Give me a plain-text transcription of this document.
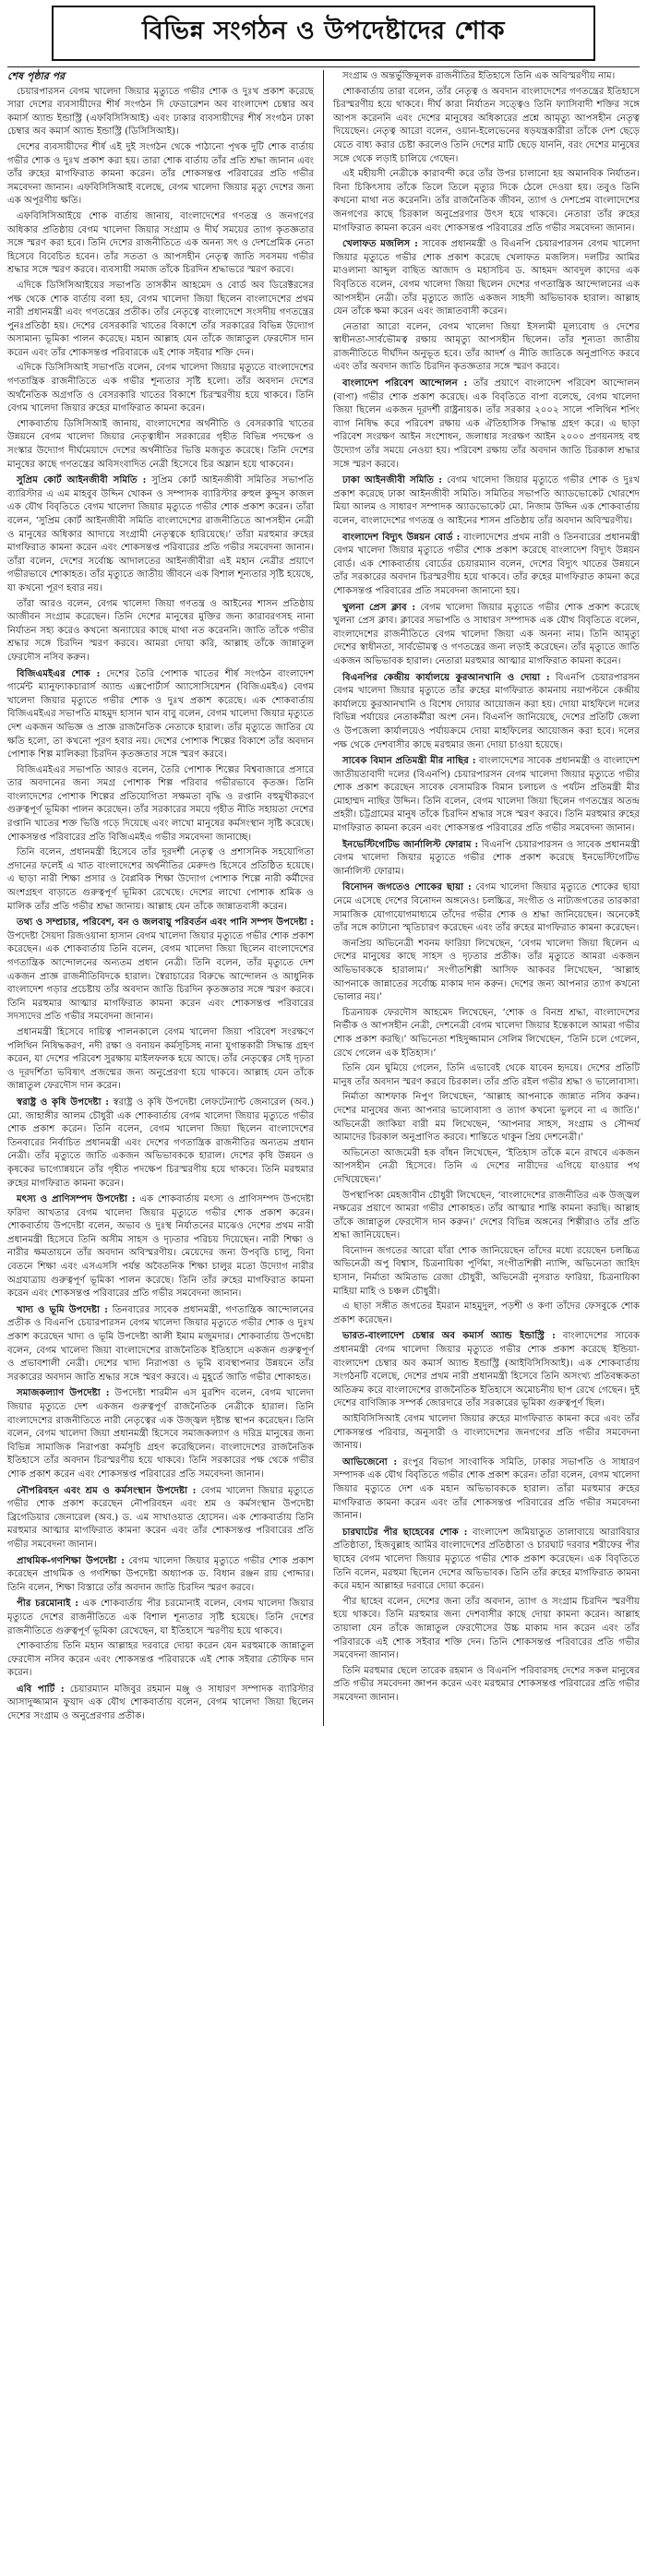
বিভিন্ন সংগঠন ও উপদেষ্টাদের শোক
শেষ পৃষ্ঠার পর

চেয়ারপারসন বেগম খালেদা জিয়ার মৃত্যুতে গভীর শোক ও দুঃখ প্রকাশ করেছে সারা দেশের ব্যবসায়ীদের শীর্ষ সংগঠন দি ফেডারেশন অব বাংলাদেশ চেম্বার অব কমার্স অ্যান্ড ইন্ডাস্ট্রি (এফবিসিসিআই) এবং ঢাকার ব্যবসায়ীদের শীর্ষ সংগঠন ঢাকা চেম্বার অব কমার্স অ্যান্ড ইন্ডাস্ট্রি (ডিসিসিআই)।

দেশের ব্যবসায়ীদের শীর্ষ এই দুই সংগঠন থেকে পাঠানো পৃথক দুটি শোক বার্তায় গভীর শোক ও দুঃখ প্রকাশ করা হয়। তারা শোক বার্তায় তাঁর প্রতি শ্রদ্ধা জানান এবং তাঁর রুহের মাগফিরাত কামনা করেন। তাঁর শোকসন্তপ্ত পরিবারের প্রতি গভীর সমবেদনা জানান। এফবিসিসিআই বলেছে, বেগম খালেদা জিয়ার মৃত্যু দেশের জন্য এক অপূরণীয় ক্ষতি।

এফবিসিসিআইয়ে শোক বার্তায় জানায়, বাংলাদেশের গণতন্ত্র ও জনগণের অধিকার প্রতিষ্ঠায় বেগম খালেদা জিয়ার সংগ্রাম ও দীর্ঘ সময়ের ত্যাগ কৃতজ্ঞতার সঙ্গে স্মরণ করা হবে। তিনি দেশের রাজনীতিতে এক অনন্য সৎ ও দেশপ্রেমিক নেতা হিসেবে বিবেচিত হবেন। তাঁর সততা ও আপসহীন নেতৃত্ব জাতি সবসময় গভীর শ্রদ্ধার সঙ্গে স্মরণ করবে। ব্যবসায়ী সমাজ তাঁকে চিরদিন শ্রদ্ধাভরে স্মরণ করবে।

এদিকে ডিসিসিআইয়ের সভাপতি তাসকীন আহমেদ ও বোর্ড অব ডিরেক্টরসের পক্ষ থেকে শোক বার্তায় বলা হয়, বেগম খালেদা জিয়া ছিলেন বাংলাদেশের প্রথম নারী প্রধানমন্ত্রী এবং গণতন্ত্রের প্রতীক। তাঁর নেতৃত্বে বাংলাদেশে সংসদীয় গণতন্ত্রের পুনঃপ্রতিষ্ঠা হয়। দেশের বেসরকারি খাতের বিকাশে তাঁর সরকারের বিভিন্ন উদ্যোগ অসামান্য ভূমিকা পালন করেছে। মহান আল্লাহ যেন তাঁকে জান্নাতুল ফেরদৌস দান করেন এবং তাঁর শোকসন্তপ্ত পরিবারকে এই শোক সইবার শক্তি দেন।

এদিকে ডিসিসিআই সভাপতি বলেন, বেগম খালেদা জিয়ার মৃত্যুতে বাংলাদেশের গণতান্ত্রিক রাজনীতিতে এক গভীর শূন্যতার সৃষ্টি হলো। তাঁর অবদান দেশের অর্থনৈতিক অগ্রগতি ও বেসরকারি খাতের বিকাশে চিরস্মরণীয় হয়ে থাকবে। তিনি বেগম খালেদা জিয়ার রুহের মাগফিরাত কামনা করেন।

শোকবার্তায় ডিসিসিআই জানায়, বাংলাদেশের অর্থনীতি ও বেসরকারি খাতের উন্নয়নে বেগম খালেদা জিয়ার নেতৃত্বাধীন সরকারের গৃহীত বিভিন্ন পদক্ষেপ ও সংস্কার উদ্যোগ দীর্ঘমেয়াদে দেশের অর্থনীতির ভিত্তি মজবুত করেছে। তিনি দেশের মানুষের কাছে গণতন্ত্রের অবিসংবাদিত নেত্রী হিসেবে চির অম্লান হয়ে থাকবেন।

সুপ্রিম কোর্ট আইনজীবী সমিতি : সুপ্রিম কোর্ট আইনজীবী সমিতির সভাপতি ব্যারিস্টার এ এম মাহবুব উদ্দিন খোকন ও সম্পাদক ব্যারিস্টার রুহুল কুদ্দুস কাজল এক যৌথ বিবৃতিতে বেগম খালেদা জিয়ার মৃত্যুতে গভীর শোক প্রকাশ করেন। তাঁরা বলেন, ‘সুপ্রিম কোর্ট আইনজীবী সমিতি বাংলাদেশের রাজনীতিতে আপসহীন নেত্রী ও মানুষের অধিকার আদায়ে সংগ্রামী নেতৃত্বকে হারিয়েছে।’ তাঁরা মরহুমার রুহের মাগফিরাত কামনা করেন এবং শোকসন্তপ্ত পরিবারের প্রতি গভীর সমবেদনা জানান। তাঁরা বলেন, দেশের সর্বোচ্চ আদালতের আইনজীবীরা এই মহান নেত্রীর প্রয়াণে গভীরভাবে শোকাহত। তাঁর মৃত্যুতে জাতীয় জীবনে এক বিশাল শূন্যতার সৃষ্টি হয়েছে, যা কখনো পূরণ হবার নয়।

তাঁরা আরও বলেন, বেগম খালেদা জিয়া গণতন্ত্র ও আইনের শাসন প্রতিষ্ঠায় আজীবন সংগ্রাম করেছেন। তিনি দেশের মানুষের মুক্তির জন্য কারাবরণসহ নানা নির্যাতন সহ্য করেও কখনো অন্যায়ের কাছে মাথা নত করেননি। জাতি তাঁকে গভীর শ্রদ্ধার সঙ্গে চিরদিন স্মরণ করবে। আমরা দোয়া করি, আল্লাহ তাঁকে জান্নাতুল ফেরদৌস নসিব করুন।

বিজিএমইএর শোক : দেশের তৈরি পোশাক খাতের শীর্ষ সংগঠন বাংলাদেশ গার্মেন্ট ম্যানুফ্যাকচারার্স অ্যান্ড এক্সপোর্টার্স অ্যাসোসিয়েশন (বিজিএমইএ) বেগম খালেদা জিয়ার মৃত্যুতে গভীর শোক ও দুঃখ প্রকাশ করেছে। এক শোকবার্তায় বিজিএমইএর সভাপতি মাহমুদ হাসান খান বাবু বলেন, বেগম খালেদা জিয়ার মৃত্যুতে দেশ একজন অভিজ্ঞ ও প্রাজ্ঞ রাজনৈতিক নেতাকে হারাল। তাঁর মৃত্যুতে জাতির যে ক্ষতি হলো, তা কখনো পূরণ হবার নয়। দেশের পোশাক শিল্পের বিকাশে তাঁর অবদান পোশাক শিল্প মালিকরা চিরদিন কৃতজ্ঞতার সঙ্গে স্মরণ করবে।

বিজিএমইএর সভাপতি আরও বলেন, তৈরি পোশাক শিল্পের বিশ্ববাজারে প্রসারে তার অবদানের জন্য সমগ্র পোশাক শিল্প পরিবার গভীরভাবে কৃতজ্ঞ। তিনি বাংলাদেশের পোশাক শিল্পের প্রতিযোগিতা সক্ষমতা বৃদ্ধি ও রপ্তানি বহুমুখীকরণে গুরুত্বপূর্ণ ভূমিকা পালন করেছেন। তাঁর সরকারের সময়ে গৃহীত নীতি সহায়তা দেশের রপ্তানি খাতের শক্ত ভিত্তি গড়ে দিয়েছে এবং লাখো মানুষের কর্মসংস্থান সৃষ্টি করেছে। শোকসন্তপ্ত পরিবারের প্রতি বিজিএমইএ গভীর সমবেদনা জানাচ্ছে।

তিনি বলেন, প্রধানমন্ত্রী হিসেবে তাঁর দূরদর্শী নেতৃত্ব ও প্রশাসনিক সহযোগিতা প্রদানের ফলেই এ খাত বাংলাদেশের অর্থনীতির মেরুদণ্ড হিসেবে প্রতিষ্ঠিত হয়েছে। এ ছাড়া নারী শিক্ষা প্রসার ও বৈপ্লবিক শিক্ষা উদ্যোগ পোশাক শিল্পে নারী কর্মীদের অংশগ্রহণ বাড়াতে গুরুত্বপূর্ণ ভূমিকা রেখেছে। দেশের লাখো পোশাক শ্রমিক ও মালিক তাঁর প্রতি গভীর শ্রদ্ধা জানায়। আল্লাহ যেন তাঁকে জান্নাতবাসী করেন।

তথ্য ও সম্প্রচার, পরিবেশ, বন ও জলবায়ু পরিবর্তন এবং পানি সম্পদ উপদেষ্টা : উপদেষ্টা সৈয়দা রিজওয়ানা হাসান বেগম খালেদা জিয়ার মৃত্যুতে গভীর শোক প্রকাশ করেছেন। এক শোকবার্তায় তিনি বলেন, বেগম খালেদা জিয়া ছিলেন বাংলাদেশের গণতান্ত্রিক আন্দোলনের অন্যতম প্রধান নেত্রী। তিনি বলেন, তাঁর মৃত্যুতে দেশ একজন প্রাজ্ঞ রাজনীতিবিদকে হারাল। স্বৈরাচারের বিরুদ্ধে আন্দোলন ও আধুনিক বাংলাদেশ গড়ার প্রচেষ্টায় তাঁর অবদান জাতি চিরদিন কৃতজ্ঞতার সঙ্গে স্মরণ করবে। তিনি মরহুমার আত্মার মাগফিরাত কামনা করেন এবং শোকসন্তপ্ত পরিবারের সদস্যদের প্রতি গভীর সমবেদনা জানান।

প্রধানমন্ত্রী হিসেবে দায়িত্ব পালনকালে বেগম খালেদা জিয়া পরিবেশ সংরক্ষণে পলিথিন নিষিদ্ধকরণ, নদী রক্ষা ও বনায়ন কর্মসূচিসহ নানা যুগান্তকারী সিদ্ধান্ত গ্রহণ করেন, যা দেশের পরিবেশ সুরক্ষায় মাইলফলক হয়ে আছে। তাঁর নেতৃত্বের সেই দৃঢ়তা ও দূরদর্শিতা ভবিষ্যৎ প্রজন্মের জন্য অনুপ্রেরণা হয়ে থাকবে। আল্লাহ যেন তাঁকে জান্নাতুল ফেরদৌস দান করেন।

স্বরাষ্ট্র ও কৃষি উপদেষ্টা : স্বরাষ্ট্র ও কৃষি উপদেষ্টা লেফটেন্যান্ট জেনারেল (অব.) মো. জাহাঙ্গীর আলম চৌধুরী এক শোকবার্তায় বেগম খালেদা জিয়ার মৃত্যুতে গভীর শোক প্রকাশ করেন। তিনি বলেন, বেগম খালেদা জিয়া ছিলেন বাংলাদেশের তিনবারের নির্বাচিত প্রধানমন্ত্রী এবং দেশের গণতান্ত্রিক রাজনীতির অন্যতম প্রধান নেত্রী। তাঁর মৃত্যুতে জাতি একজন অভিভাবককে হারাল। দেশের কৃষি উন্নয়ন ও কৃষকের ভাগ্যোন্নয়নে তাঁর গৃহীত পদক্ষেপ চিরস্মরণীয় হয়ে থাকবে। তিনি মরহুমার রুহের মাগফিরাত কামনা করেন।

মৎস্য ও প্রাণিসম্পদ উপদেষ্টা : এক শোকবার্তায় মৎস্য ও প্রাণিসম্পদ উপদেষ্টা ফরিদা আখতার বেগম খালেদা জিয়ার মৃত্যুতে গভীর শোক প্রকাশ করেন। শোকবার্তায় উপদেষ্টা বলেন, অভাব ও দুঃস্থ নির্যাতনের মাঝেও দেশের প্রথম নারী প্রধানমন্ত্রী হিসেবে তিনি অসীম সাহস ও দৃঢ়তার পরিচয় দিয়েছেন। নারী শিক্ষা ও নারীর ক্ষমতায়নে তাঁর অবদান অবিস্মরণীয়। মেয়েদের জন্য উপবৃত্তি চালু, বিনা বেতনে শিক্ষা এবং এসএসসি পর্যন্ত অবৈতনিক শিক্ষা চালুর মতো উদ্যোগ নারীর অগ্রযাত্রায় গুরুত্বপূর্ণ ভূমিকা পালন করেছে। তিনি তাঁর রুহের মাগফিরাত কামনা করেন এবং শোকসন্তপ্ত পরিবারের প্রতি গভীর সমবেদনা জানান।

খাদ্য ও ভূমি উপদেষ্টা : তিনবারের সাবেক প্রধানমন্ত্রী, গণতান্ত্রিক আন্দোলনের প্রতীক ও বিএনপি চেয়ারপারসন বেগম খালেদা জিয়ার মৃত্যুতে গভীর শোক ও দুঃখ প্রকাশ করেছেন খাদ্য ও ভূমি উপদেষ্টা আলী ইমাম মজুমদার। শোকবার্তায় উপদেষ্টা বলেন, বেগম খালেদা জিয়া বাংলাদেশের রাজনৈতিক ইতিহাসে একজন গুরুত্বপূর্ণ ও প্রভাবশালী নেত্রী। দেশের খাদ্য নিরাপত্তা ও ভূমি ব্যবস্থাপনার উন্নয়নে তাঁর সরকারের অবদান জাতি শ্রদ্ধার সঙ্গে স্মরণ করবে। এ মুহূর্তে জাতি গভীর শোকাহত।

সমাজকল্যাণ উপদেষ্টা : উপদেষ্টা শারমীন এস মুরশিদ বলেন, বেগম খালেদা জিয়ার মৃত্যুতে দেশ একজন গুরুত্বপূর্ণ রাজনৈতিক নেত্রীকে হারাল। তিনি বাংলাদেশের রাজনীতিতে নারী নেতৃত্বের এক উজ্জ্বল দৃষ্টান্ত স্থাপন করেছেন। তিনি বলেন, বেগম খালেদা জিয়া প্রধানমন্ত্রী হিসেবে সমাজকল্যাণ ও দরিদ্র মানুষের জন্য বিভিন্ন সামাজিক নিরাপত্তা কর্মসূচি গ্রহণ করেছিলেন। বাংলাদেশের রাজনৈতিক ইতিহাসে তাঁর অবদান চিরস্মরণীয় হয়ে থাকবে। তিনি সরকারের পক্ষ থেকে গভীর শোক প্রকাশ করেন এবং শোকসন্তপ্ত পরিবারের প্রতি সমবেদনা জানান।

নৌপরিবহন এবং শ্রম ও কর্মসংস্থান উপদেষ্টা : বেগম খালেদা জিয়ার মৃত্যুতে গভীর শোক প্রকাশ করেছেন নৌপরিবহন এবং শ্রম ও কর্মসংস্থান উপদেষ্টা ব্রিগেডিয়ার জেনারেল (অব.) ড. এম সাখাওয়াত হোসেন। এক শোকবার্তায় তিনি মরহুমার আত্মার মাগফিরাত কামনা করেন এবং তাঁর শোকসন্তপ্ত পরিবারের প্রতি গভীর সমবেদনা জানান।

প্রাথমিক-গণশিক্ষা উপদেষ্টা : বেগম খালেদা জিয়ার মৃত্যুতে গভীর শোক প্রকাশ করেছেন প্রাথমিক ও গণশিক্ষা উপদেষ্টা অধ্যাপক ড. বিধান রঞ্জন রায় পোদ্দার। তিনি বলেন, শিক্ষা বিস্তারে তাঁর অবদান জাতি চিরদিন স্মরণ করবে।

পীর চরমোনাই : এক শোকবার্তায় পীর চরমোনাই বলেন, বেগম খালেদা জিয়ার মৃত্যুতে দেশের রাজনীতিতে এক বিশাল শূন্যতার সৃষ্টি হয়েছে। তিনি দেশের রাজনীতিতে গুরুত্বপূর্ণ ভূমিকা রেখেছেন, যা ইতিহাসে স্মরণীয় হয়ে থাকবে।

শোকবার্তায় তিনি মহান আল্লাহর দরবারে দোয়া করেন যেন মরহুমাকে জান্নাতুল ফেরদৌস নসিব করেন এবং শোকসন্তপ্ত পরিবারকে এই শোক সইবার তৌফিক দান করেন।

এবি পার্টি : চেয়ারম্যান মজিবুর রহমান মঞ্জু ও সাধারণ সম্পাদক ব্যারিস্টার আসাদুজ্জামান ফুয়াদ এক যৌথ শোকবার্তায় বলেন, বেগম খালেদা জিয়া ছিলেন দেশের সংগ্রাম ও অনুপ্রেরণার প্রতীক।

সংগ্রাম ও অন্তর্ভুক্তিমূলক রাজনীতির ইতিহাসে তিনি এক অবিস্মরণীয় নাম।

শোকবার্তায় তারা বলেন, তাঁর নেতৃত্ব ও অবদান বাংলাদেশের গণতন্ত্রের ইতিহাসে চিরস্মরণীয় হয়ে থাকবে। দীর্ঘ কারা নির্যাতন সত্ত্বেও তিনি ফ্যাসিবাদী শক্তির সঙ্গে আপস করেননি এবং দেশের মানুষের অধিকারের প্রশ্নে আমৃত্যু আপসহীন নেতৃত্ব দিয়েছেন। নেতৃত্ব আরো বলেন, ওয়ান-ইলেভেনের ষড়যন্ত্রকারীরা তাঁকে দেশ ছেড়ে যেতে বাধ্য করার চেষ্টা করলেও তিনি দেশের মাটি ছেড়ে যাননি, বরং দেশের মানুষের সঙ্গে থেকে লড়াই চালিয়ে গেছেন।

এই মহীয়সী নেত্রীকে কারাবন্দী করে তাঁর উপর চালানো হয় অমানবিক নির্যাতন। বিনা চিকিৎসায় তাঁকে তিলে তিলে মৃত্যুর দিকে ঠেলে দেওয়া হয়। তবুও তিনি কখনো মাথা নত করেননি। তাঁর রাজনৈতিক জীবন, ত্যাগ ও দেশপ্রেম বাংলাদেশের জনগণের কাছে চিরকাল অনুপ্রেরণার উৎস হয়ে থাকবে। নেতারা তাঁর রুহের মাগফিরাত কামনা করেন এবং শোকসন্তপ্ত পরিবারের প্রতি গভীর সমবেদনা জানান।

খেলাফত মজলিস : সাবেক প্রধানমন্ত্রী ও বিএনপি চেয়ারপারসন বেগম খালেদা জিয়ার মৃত্যুতে গভীর শোক প্রকাশ করেছে খেলাফত মজলিস। দলটির আমির মাওলানা আব্দুল বাছিত আজাদ ও মহাসচিব ড. আহমদ আবদুল কাদের এক বিবৃতিতে বলেন, বেগম খালেদা জিয়া ছিলেন দেশের গণতান্ত্রিক আন্দোলনের এক আপসহীন নেত্রী। তাঁর মৃত্যুতে জাতি একজন সাহসী অভিভাবক হারাল। আল্লাহ যেন তাঁকে ক্ষমা করেন এবং জান্নাতবাসী করেন।

নেতারা আরো বলেন, বেগম খালেদা জিয়া ইসলামী মূল্যবোধ ও দেশের স্বাধীনতা-সার্বভৌমত্ব রক্ষায় আমৃত্যু আপসহীন ছিলেন। তাঁর শূন্যতা জাতীয় রাজনীতিতে দীর্ঘদিন অনুভূত হবে। তাঁর আদর্শ ও নীতি জাতিকে অনুপ্রাণিত করবে এবং তাঁর অবদান জাতি চিরদিন কৃতজ্ঞতার সঙ্গে স্মরণ করবে।

বাংলাদেশ পরিবেশ আন্দোলন : তাঁর প্রয়াণে বাংলাদেশ পরিবেশ আন্দোলন (বাপা) গভীর শোক প্রকাশ করেছে। এক বিবৃতিতে বাপা বলেছে, বেগম খালেদা জিয়া ছিলেন একজন দূরদর্শী রাষ্ট্রনায়ক। তাঁর সরকার ২০০২ সালে পলিথিন শপিং ব্যাগ নিষিদ্ধ করে পরিবেশ রক্ষায় এক ঐতিহাসিক সিদ্ধান্ত গ্রহণ করে। এ ছাড়া পরিবেশ সংরক্ষণ আইন সংশোধন, জলাধার সংরক্ষণ আইন ২০০০ প্রণয়নসহ বহু উদ্যোগ তাঁর সময়ে নেওয়া হয়। পরিবেশ রক্ষায় তাঁর অবদান জাতি চিরকাল শ্রদ্ধার সঙ্গে স্মরণ করবে।

ঢাকা আইনজীবী সমিতি : বেগম খালেদা জিয়ার মৃত্যুতে গভীর শোক ও দুঃখ প্রকাশ করেছে ঢাকা আইনজীবী সমিতি। সমিতির সভাপতি অ্যাডভোকেট খোরশেদ মিয়া আলম ও সাধারণ সম্পাদক অ্যাডভোকেট মো. নিজাম উদ্দিন এক শোকবার্তায় বলেন, বাংলাদেশের গণতন্ত্র ও আইনের শাসন প্রতিষ্ঠায় তাঁর অবদান অবিস্মরণীয়।

বাংলাদেশ বিদ্যুৎ উন্নয়ন বোর্ড : বাংলাদেশের প্রথম নারী ও তিনবারের প্রধানমন্ত্রী বেগম খালেদা জিয়ার মৃত্যুতে গভীর শোক প্রকাশ করেছে বাংলাদেশ বিদ্যুৎ উন্নয়ন বোর্ড। এক শোকবার্তায় বোর্ডের চেয়ারম্যান বলেন, দেশের বিদ্যুৎ খাতের উন্নয়নে তাঁর সরকারের অবদান চিরস্মরণীয় হয়ে থাকবে। তাঁর রুহের মাগফিরাত কামনা করে শোকসন্তপ্ত পরিবারের প্রতি সমবেদনা জানানো হয়।

খুলনা প্রেস ক্লাব : বেগম খালেদা জিয়ার মৃত্যুতে গভীর শোক প্রকাশ করেছে খুলনা প্রেস ক্লাব। ক্লাবের সভাপতি ও সাধারণ সম্পাদক এক যৌথ বিবৃতিতে বলেন, বাংলাদেশের রাজনীতিতে বেগম খালেদা জিয়া এক অনন্য নাম। তিনি আমৃত্যু দেশের স্বাধীনতা, সার্বভৌমত্ব ও গণতন্ত্রের জন্য লড়াই করেছেন। তাঁর মৃত্যুতে জাতি একজন অভিভাবক হারাল। নেতারা মরহুমার আত্মার মাগফিরাত কামনা করেন।

বিএনপির কেন্দ্রীয় কার্যালয়ে কুরআনখানি ও দোয়া : বিএনপি চেয়ারপারসন বেগম খালেদা জিয়ার মৃত্যুতে তাঁর রুহের মাগফিরাত কামনায় নয়াপল্টনে কেন্দ্রীয় কার্যালয়ে কুরআনখানি ও বিশেষ দোয়ার আয়োজন করা হয়। দোয়া মাহফিলে দলের বিভিন্ন পর্যায়ের নেতাকর্মীরা অংশ নেন। বিএনপি জানিয়েছে, দেশের প্রতিটি জেলা ও উপজেলা কার্যালয়েও পর্যায়ক্রমে দোয়া মাহফিলের আয়োজন করা হবে। দলের পক্ষ থেকে দেশবাসীর কাছে মরহুমার জন্য দোয়া চাওয়া হয়েছে।

সাবেক বিমান প্রতিমন্ত্রী মীর নাছির : বাংলাদেশের সাবেক প্রধানমন্ত্রী ও বাংলাদেশ জাতীয়তাবাদী দলের (বিএনপি) চেয়ারপারসন বেগম খালেদা জিয়ার মৃত্যুতে গভীর শোক প্রকাশ করেছেন সাবেক বেসামরিক বিমান চলাচল ও পর্যটন প্রতিমন্ত্রী মীর মোহাম্মদ নাছির উদ্দিন। তিনি বলেন, বেগম খালেদা জিয়া ছিলেন গণতন্ত্রের অতন্দ্র প্রহরী। চট্টগ্রামের মানুষ তাঁকে চিরদিন শ্রদ্ধার সঙ্গে স্মরণ করবে। তিনি মরহুমার রুহের মাগফিরাত কামনা করেন এবং শোকসন্তপ্ত পরিবারের প্রতি গভীর সমবেদনা জানান।

ইনভেস্টিগেটিভ জার্নালিস্ট ফোরাম : বিএনপি চেয়ারপারসন ও সাবেক প্রধানমন্ত্রী বেগম খালেদা জিয়ার মৃত্যুতে গভীর শোক প্রকাশ করেছে ইনভেস্টিগেটিভ জার্নালিস্ট ফোরাম।

বিনোদন জগতেও শোকের ছায়া : বেগম খালেদা জিয়ার মৃত্যুতে শোকের ছায়া নেমে এসেছে দেশের বিনোদন অঙ্গনেও। চলচ্চিত্র, সংগীত ও নাট্যজগতের তারকারা সামাজিক যোগাযোগমাধ্যমে তাঁদের গভীর শোক ও শ্রদ্ধা জানিয়েছেন। অনেকেই তাঁর সঙ্গে কাটানো স্মৃতিচারণ করেছেন এবং তাঁর রুহের মাগফিরাত কামনা করেছেন।

জনপ্রিয় অভিনেত্রী শবনম ফারিয়া লিখেছেন, ‘বেগম খালেদা জিয়া ছিলেন এ দেশের মানুষের কাছে সাহস ও দৃঢ়তার প্রতীক। তাঁর মৃত্যুতে আমরা একজন অভিভাবককে হারালাম।’ সংগীতশিল্পী আসিফ আকবর লিখেছেন, ‘আল্লাহ আপনাকে জান্নাতের সর্বোচ্চ মাকাম দান করুন। দেশের জন্য আপনার ত্যাগ কখনো ভোলার নয়।’

চিত্রনায়ক ফেরদৌস আহমেদ লিখেছেন, ‘শোক ও বিনম্র শ্রদ্ধা, বাংলাদেশের নির্ভীক ও আপসহীন নেত্রী, দেশনেত্রী বেগম খালেদা জিয়ার ইন্তেকালে আমরা গভীর শোক প্রকাশ করছি।’ অভিনেতা শহিদুজ্জামান সেলিম লিখেছেন, ‘তিনি চলে গেলেন, রেখে গেলেন এক ইতিহাস।’

তিনি যেন ঘুমিয়ে গেলেন, তিনি এভাবেই থেকে যাবেন হৃদয়ে। দেশের প্রতিটি মানুষ তাঁর অবদান স্মরণ করবে চিরকাল। তাঁর প্রতি রইল গভীর শ্রদ্ধা ও ভালোবাসা।

নির্মাতা আশফাক নিপুণ লিখেছেন, ‘আল্লাহ আপনাকে জান্নাত নসিব করুন। দেশের মানুষের জন্য আপনার ভালোবাসা ও ত্যাগ কখনো ভুলবে না এ জাতি।’ অভিনেত্রী জাকিয়া বারী মম লিখেছেন, ‘আপনার সাহস, সংগ্রাম ও সৌন্দর্য আমাদের চিরকাল অনুপ্রাণিত করবে। শান্তিতে থাকুন প্রিয় দেশনেত্রী।’

অভিনেতা আজমেরী হক বাঁধন লিখেছেন, ‘ইতিহাস তাঁকে মনে রাখবে একজন আপসহীন নেত্রী হিসেবে। তিনি এ দেশের নারীদের এগিয়ে যাওয়ার পথ দেখিয়েছেন।’

উপস্থাপিকা মেহজাবীন চৌধুরী লিখেছেন, ‘বাংলাদেশের রাজনীতির এক উজ্জ্বল নক্ষত্রের প্রয়াণে আমরা গভীর শোকাহত। তাঁর আত্মার শান্তি কামনা করছি। আল্লাহ তাঁকে জান্নাতুল ফেরদৌস দান করুন।’ দেশের বিভিন্ন অঙ্গনের শিল্পীরাও তাঁর প্রতি শ্রদ্ধা জানিয়েছেন।

বিনোদন জগতের আরো যাঁরা শোক জানিয়েছেন তাঁদের মধ্যে রয়েছেন চলচ্চিত্র অভিনেত্রী অপু বিশ্বাস, চিত্রনায়িকা পূর্ণিমা, সংগীতশিল্পী ন্যান্সি, অভিনেতা জাহিদ হাসান, নির্মাতা অমিতাভ রেজা চৌধুরী, অভিনেত্রী নুসরাত ফারিয়া, চিত্রনায়িকা মাহিয়া মাহি ও চঞ্চল চৌধুরী।

এ ছাড়া সঙ্গীত জগতের ইমরান মাহমুদুল, পড়শী ও কণা তাঁদের ফেসবুকে শোক প্রকাশ করেছেন।

ভারত-বাংলাদেশ চেম্বার অব কমার্স অ্যান্ড ইন্ডাস্ট্রি : বাংলাদেশের সাবেক প্রধানমন্ত্রী বেগম খালেদা জিয়ার মৃত্যুতে গভীর শোক প্রকাশ করেছে ইন্ডিয়া-বাংলাদেশ চেম্বার অব কমার্স অ্যান্ড ইন্ডাস্ট্রি (আইবিসিসিআই)। এক শোকবার্তায় সংগঠনটি বলেছে, দেশের প্রথম নারী প্রধানমন্ত্রী হিসেবে তিনি অসংখ্য প্রতিবন্ধকতা অতিক্রম করে বাংলাদেশের রাজনৈতিক ইতিহাসে অমোচনীয় ছাপ রেখে গেছেন। দুই দেশের বাণিজ্যিক সম্পর্ক জোরদারে তাঁর সরকারের ভূমিকা গুরুত্বপূর্ণ ছিল।

আইবিসিসিআই বেগম খালেদা জিয়ার রুহের মাগফিরাত কামনা করে এবং তাঁর শোকসন্তপ্ত পরিবার, অনুসারী ও বাংলাদেশের জনগণের প্রতি গভীর সমবেদনা জানায়।

আভিজেনো : রংপুর বিভাগ সাংবাদিক সমিতি, ঢাকার সভাপতি ও সাধারণ সম্পাদক এক যৌথ বিবৃতিতে গভীর শোক প্রকাশ করেন। তাঁরা বলেন, বেগম খালেদা জিয়ার মৃত্যুতে দেশ এক মহান অভিভাবককে হারাল। তাঁরা মরহুমার রুহের মাগফিরাত কামনা করেন এবং তাঁর শোকসন্তপ্ত পরিবারের প্রতি গভীর সমবেদনা জানান।

চারঘাটের পীর ছাহেবের শোক : বাংলাদেশ জমিয়াতুত তালাবায়ে আরাবিয়ার প্রতিষ্ঠাতা, হিজবুল্লাহ আমির বাংলাদেশের প্রতিষ্ঠাতা ও চারঘাট দরবার শরীফের পীর ছাহেব বেগম খালেদা জিয়ার মৃত্যুতে গভীর শোক প্রকাশ করেছেন। এক বিবৃতিতে তিনি বলেন, মরহুমা ছিলেন দেশের অভিভাবক। তিনি তাঁর রুহের মাগফিরাত কামনা করে মহান আল্লাহর দরবারে দোয়া করেন।

পীর ছাহেব বলেন, দেশের জন্য তাঁর অবদান, ত্যাগ ও সংগ্রাম চিরদিন স্মরণীয় হয়ে থাকবে। তিনি মরহুমার জন্য দেশবাসীর কাছে দোয়া কামনা করেন। আল্লাহ তায়ালা যেন তাঁকে জান্নাতুল ফেরদৌসের উচ্চ মাকাম দান করেন এবং তাঁর পরিবারকে এই শোক সইবার শক্তি দেন। তিনি শোকসন্তপ্ত পরিবারের প্রতি গভীর সমবেদনা জানান।

তিনি মরহুমার ছেলে তারেক রহমান ও বিএনপি পরিবারসহ দেশের সকল মানুষের প্রতি গভীর সমবেদনা জ্ঞাপন করেন এবং মরহুমার শোকসন্তপ্ত পরিবারের প্রতি গভীর সমবেদনা জানান।
